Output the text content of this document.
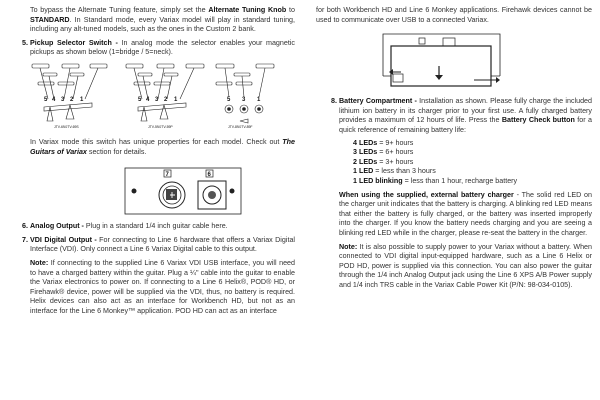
To bypass the Alternate Tuning feature, simply set the Alternate Tuning Knob to STANDARD. In Standard mode, every Variax model will play in standard tuning, including any alt-tuned models, such as the ones in the Custom 2 bank.

5. Pickup Selector Switch - In analog mode the selector enables your magnetic pickups as shown below (1=bridge / 5=neck).

5 4 3 2 1
JTV-69/JTV-69S
5 4 3 2 1
JTV-59/JTV-59P
5 3 1
JTV-89/JTV-89F

In Variax mode this switch has unique properties for each model. Check out The Guitars of Variax section for details.

7	6
6. Analog Output - Plug in a standard 1/4 inch guitar cable here.

7. VDI Digital Output - For connecting to Line 6 hardware that offers a Variax Digital Interface (VDI). Only connect a Line 6 Variax Digital cable to this output.

Note: If connecting to the supplied Line 6 Variax VDI USB interface, you will need to have a charged battery within the guitar. Plug a ¼" cable into the guitar to enable the Variax electronics to power on. If connecting to a Line 6 Helix®, POD® HD, or Firehawk® device, power will be supplied via the VDI, thus, no battery is required. Helix devices can also act as an interface for Workbench HD, but not as an interface for the Line 6 Monkey™ application. POD HD can act as an interface

for both Workbench HD and Line 6 Monkey applications. Firehawk devices cannot be used to communicate over USB to a connected Variax.

8. Battery Compartment - Installation as shown. Please fully charge the included lithium ion battery in its charger prior to your first use. A fully charged battery provides a maximum of 12 hours of life. Press the Battery Check button for a quick reference of remaining battery life:

4 LEDs = 9+ hours

3 LEDs = 6+ hours

2 LEDs = 3+ hours

1 LED = less than 3 hours

1 LED blinking = less than 1 hour, recharge battery

When using the supplied, external battery charger - The solid red LED on the charger unit indicates that the battery is charging. A blinking red LED means that either the battery is fully charged, or the battery was inserted improperly into the charger. If you know the battery needs charging and you are seeing a blinking red LED while in the charger, please re-seat the battery in the charger.

Note: It is also possible to supply power to your Variax without a battery. When connected to VDI digital input-equipped hardware, such as a Line 6 Helix or POD HD, power is supplied via this connection. You can also power the guitar through the 1/4 inch Analog Output jack using the Line 6 XPS A/B Power supply and 1/4 inch TRS cable in the Variax Cable Power Kit (P/N: 98-034-0105).
